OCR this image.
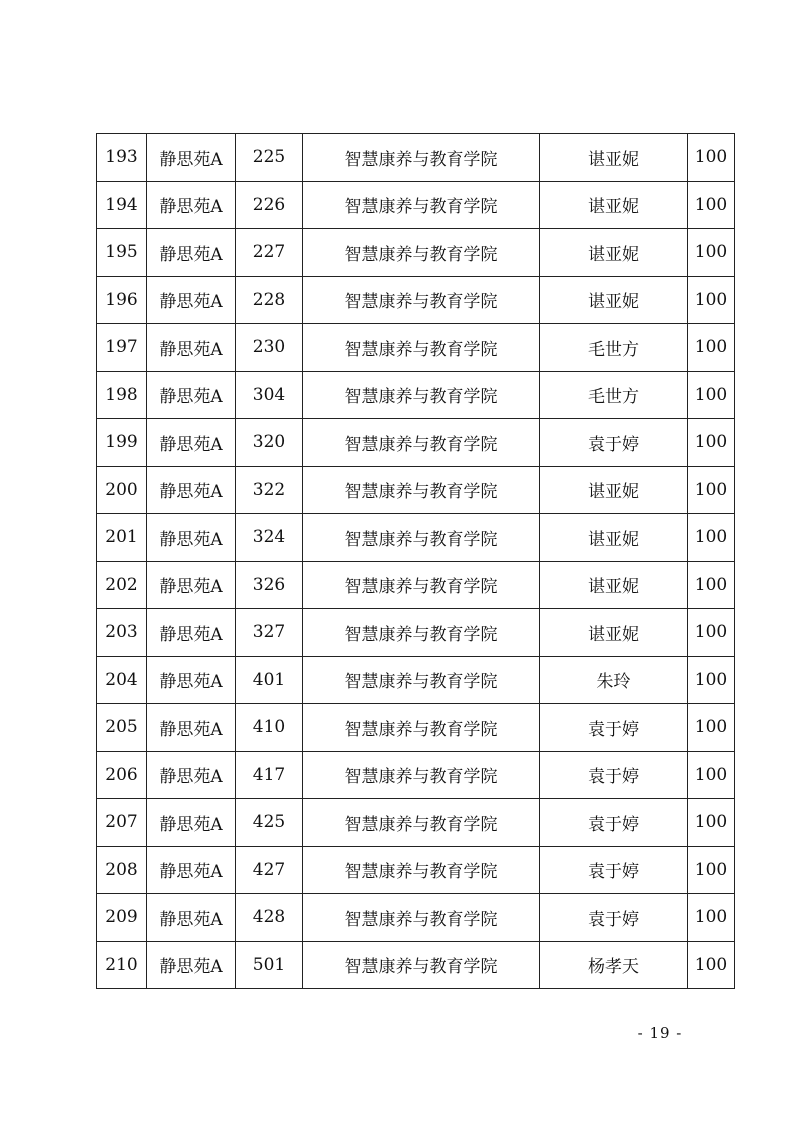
193	静思苑A	225	智慧康养与教育学院	谌亚妮	100
194	静思苑A	226	智慧康养与教育学院	谌亚妮	100
195	静思苑A	227	智慧康养与教育学院	谌亚妮	100
196	静思苑A	228	智慧康养与教育学院	谌亚妮	100
197	静思苑A	230	智慧康养与教育学院	毛世方	100
198	静思苑A	304	智慧康养与教育学院	毛世方	100
199	静思苑A	320	智慧康养与教育学院	袁于婷	100
200	静思苑A	322	智慧康养与教育学院	谌亚妮	100
201	静思苑A	324	智慧康养与教育学院	谌亚妮	100
202	静思苑A	326	智慧康养与教育学院	谌亚妮	100
203	静思苑A	327	智慧康养与教育学院	谌亚妮	100
204	静思苑A	401	智慧康养与教育学院	朱玲	100
205	静思苑A	410	智慧康养与教育学院	袁于婷	100
206	静思苑A	417	智慧康养与教育学院	袁于婷	100
207	静思苑A	425	智慧康养与教育学院	袁于婷	100
208	静思苑A	427	智慧康养与教育学院	袁于婷	100
209	静思苑A	428	智慧康养与教育学院	袁于婷	100
210	静思苑A	501	智慧康养与教育学院	杨孝天	100
- 19 -
